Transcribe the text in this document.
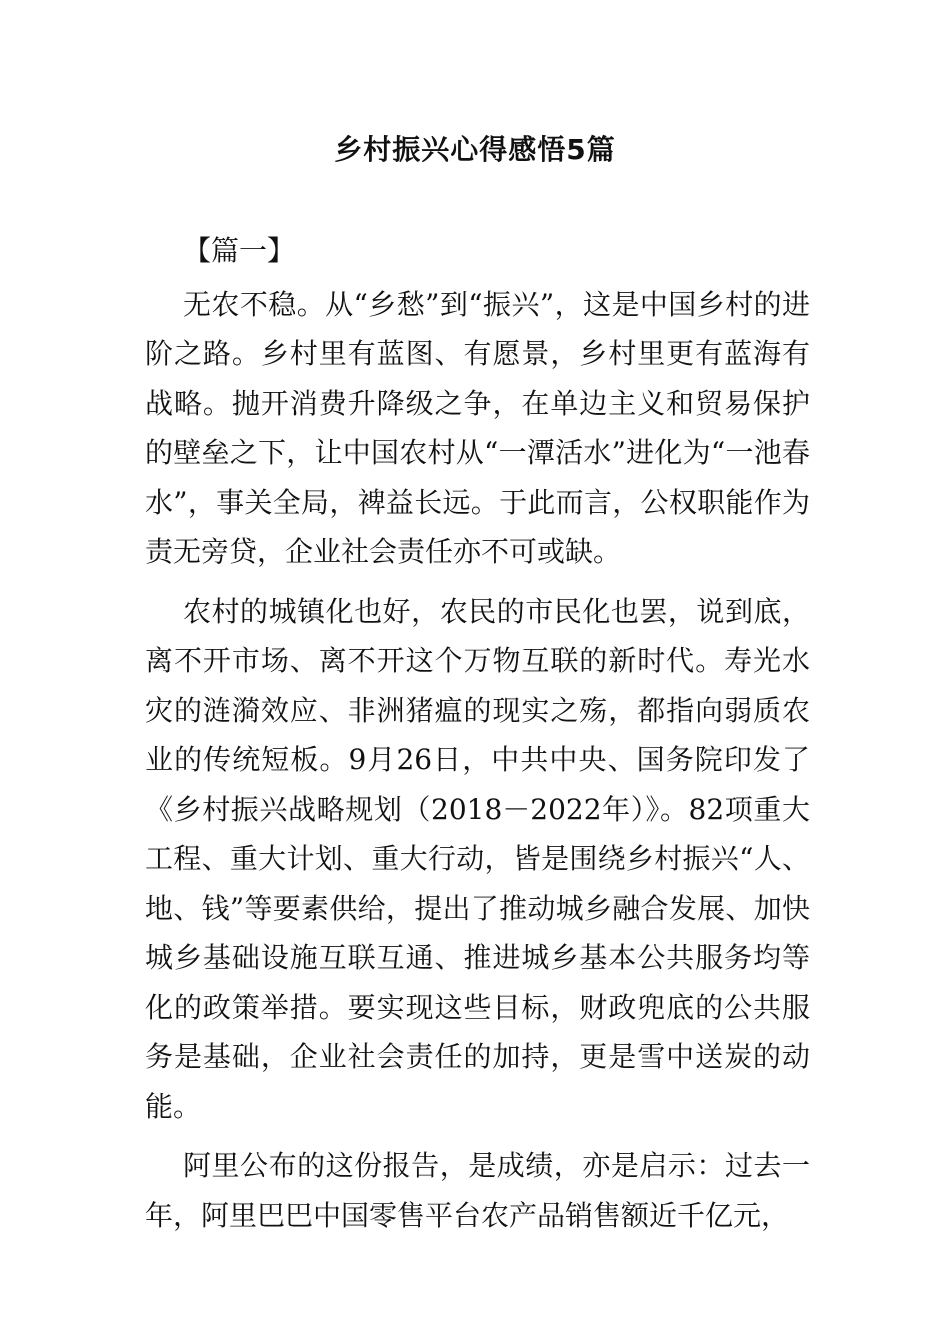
乡村振兴心得感悟5篇

【篇一】

无农不稳。从“乡愁”到“振兴”，这是中国乡村的进阶之路。乡村里有蓝图、有愿景，乡村里更有蓝海有战略。抛开消费升降级之争，在单边主义和贸易保护的壁垒之下，让中国农村从“一潭活水”进化为“一池春水”，事关全局，裨益长远。于此而言，公权职能作为责无旁贷，企业社会责任亦不可或缺。

农村的城镇化也好，农民的市民化也罢，说到底，离不开市场、离不开这个万物互联的新时代。寿光水灾的涟漪效应、非洲猪瘟的现实之殇，都指向弱质农业的传统短板。9月26日，中共中央、国务院印发了《乡村振兴战略规划（2018－2022年）》。82项重大工程、重大计划、重大行动，皆是围绕乡村振兴“人、地、钱”等要素供给，提出了推动城乡融合发展、加快城乡基础设施互联互通、推进城乡基本公共服务均等化的政策举措。要实现这些目标，财政兜底的公共服务是基础，企业社会责任的加持，更是雪中送炭的动能。

阿里公布的这份报告，是成绩，亦是启示：过去一年，阿里巴巴中国零售平台农产品销售额近千亿元，
